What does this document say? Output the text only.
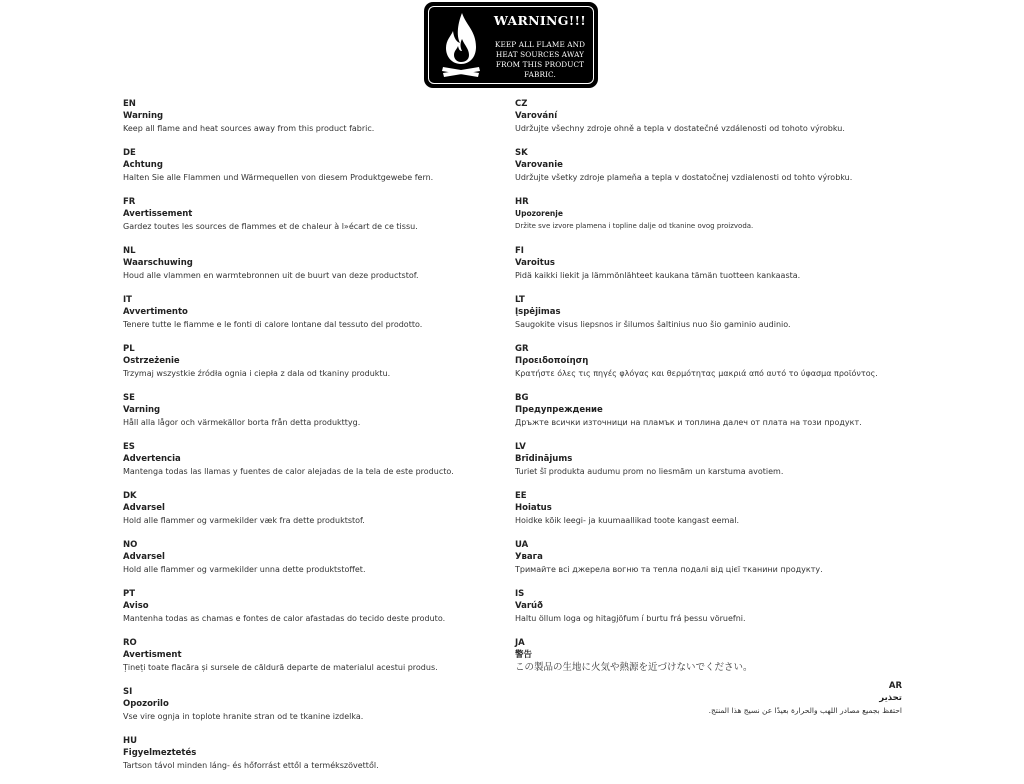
WARNING!!!
KEEP ALL FLAME AND HEAT SOURCES AWAY FROM THIS PRODUCT FABRIC.
EN
Warning
Keep all flame and heat sources away from this product fabric.
DE
Achtung
Halten Sie alle Flammen und Wärmequellen von diesem Produktgewebe fern.
FR
Avertissement
Gardez toutes les sources de flammes et de chaleur à l»écart de ce tissu.
NL
Waarschuwing
Houd alle vlammen en warmtebronnen uit de buurt van deze productstof.
IT
Avvertimento
Tenere tutte le fiamme e le fonti di calore lontane dal tessuto del prodotto.
PL
Ostrzeżenie
Trzymaj wszystkie źródła ognia i ciepła z dala od tkaniny produktu.
SE
Varning
Håll alla lågor och värmekällor borta från detta produkttyg.
ES
Advertencia
Mantenga todas las llamas y fuentes de calor alejadas de la tela de este producto.
DK
Advarsel
Hold alle flammer og varmekilder væk fra dette produktstof.
NO
Advarsel
Hold alle flammer og varmekilder unna dette produktstoffet.
PT
Aviso
Mantenha todas as chamas e fontes de calor afastadas do tecido deste produto.
RO
Avertisment
Țineți toate flacăra și sursele de căldură departe de materialul acestui produs.
SI
Opozorilo
Vse vire ognja in toplote hranite stran od te tkanine izdelka.
HU
Figyelmeztetés
Tartson távol minden láng- és hőforrást ettől a termékszövettől.
CZ
Varování
Udržujte všechny zdroje ohně a tepla v dostatečné vzdálenosti od tohoto výrobku.
SK
Varovanie
Udržujte všetky zdroje plameňa a tepla v dostatočnej vzdialenosti od tohto výrobku.
HR
Upozorenje
Držite sve izvore plamena i topline dalje od tkanine ovog proizvoda.
FI
Varoitus
Pidä kaikki liekit ja lämmönlähteet kaukana tämän tuotteen kankaasta.
LT
Įspėjimas
Saugokite visus liepsnos ir šilumos šaltinius nuo šio gaminio audinio.
GR
Προειδοποίηση
Κρατήστε όλες τις πηγές φλόγας και θερμότητας μακριά από αυτό το ύφασμα προϊόντος.
BG
Предупреждение
Дръжте всички източници на пламък и топлина далеч от плата на този продукт.
LV
Brīdinājums
Turiet šī produkta audumu prom no liesmām un karstuma avotiem.
EE
Hoiatus
Hoidke kõik leegi- ja kuumaallikad toote kangast eemal.
UA
Увага
Тримайте всі джерела вогню та тепла подалі від цієї тканини продукту.
IS
Varúð
Haltu öllum loga og hitagjöfum í burtu frá þessu vöruefni.
JA
警告
この製品の生地に火気や熱源を近づけないでください。
AR
تحذير
احتفظ بجميع مصادر اللهب والحرارة بعيدًا عن نسيج هذا المنتج.
